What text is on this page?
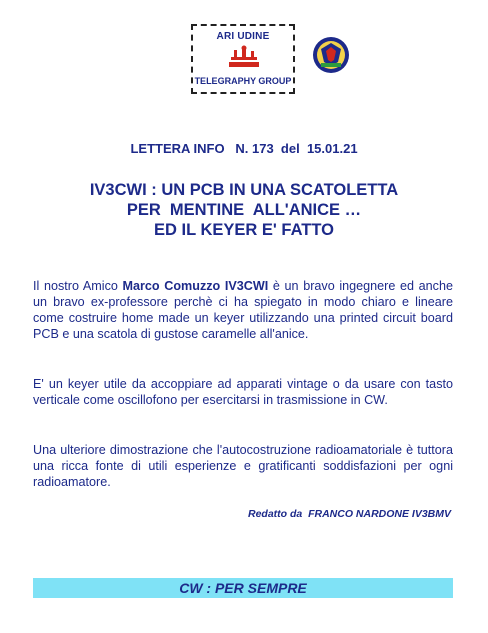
ARI UDINE
TELEGRAPHY GROUP
LETTERA INFO   N. 173  del  15.01.21
IV3CWI : UN PCB IN UNA SCATOLETTA
PER  MENTINE  ALL'ANICE …
ED IL KEYER E' FATTO
Il nostro Amico Marco Comuzzo IV3CWI è un bravo ingegnere ed anche un bravo ex-professore perchè ci ha spiegato in modo chiaro e lineare come costruire home made un keyer utilizzando una printed circuit board PCB e una scatola di gustose caramelle all'anice.
E' un keyer utile da accoppiare ad apparati vintage o da usare con tasto verticale come oscillofono per esercitarsi in trasmissione in CW.
Una ulteriore dimostrazione che l'autocostruzione radioamatoriale è tuttora una ricca fonte di utili esperienze e gratificanti soddisfazioni per ogni radioamatore.
Redatto da  FRANCO NARDONE IV3BMV
CW : PER SEMPRE
